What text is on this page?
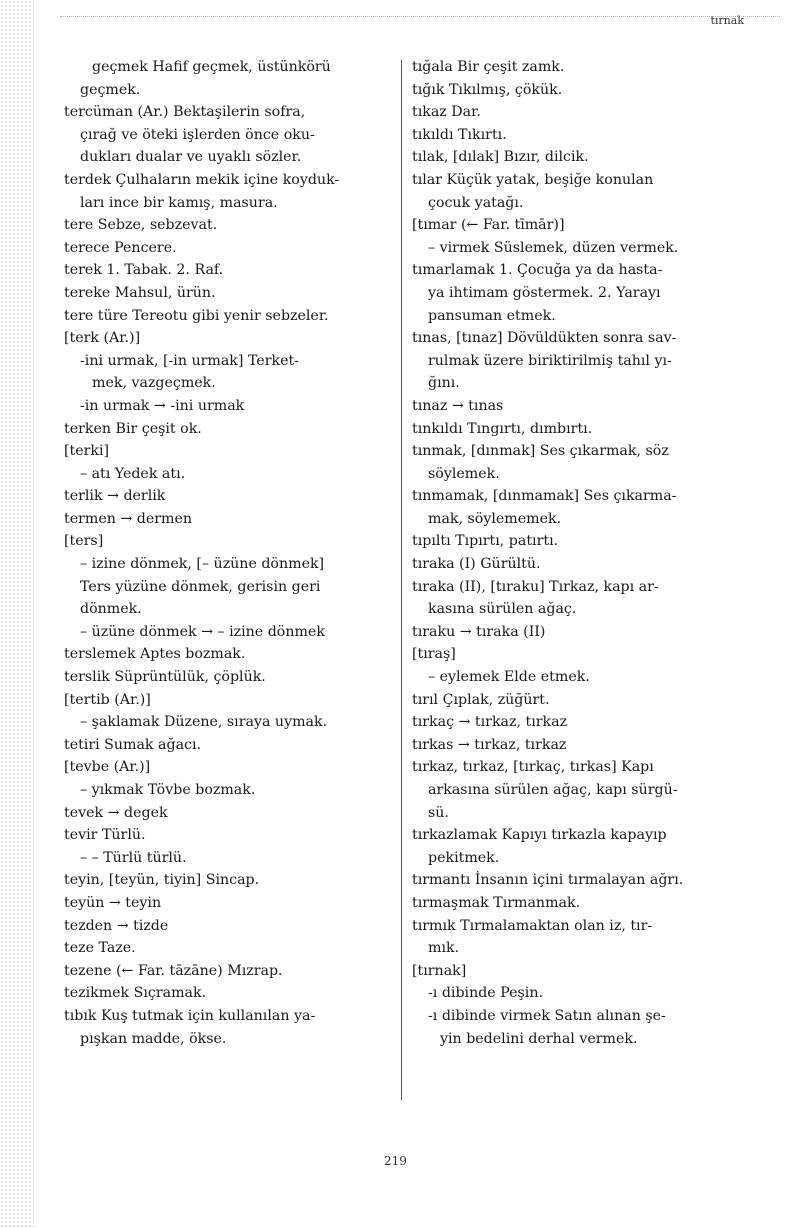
tırnak

geçmek Hafif geçmek, üstünkörü

geçmek.

tercüman (Ar.) Bektaşilerin sofra,

çırağ ve öteki işlerden önce oku-

dukları dualar ve uyaklı sözler.

terdek Çulhaların mekik içine koyduk-

ları ince bir kamış, masura.

tere Sebze, sebzevat.

terece Pencere.

terek 1. Tabak. 2. Raf.

tereke Mahsul, ürün.

tere türe Tereotu gibi yenir sebzeler.

[terk (Ar.)]

-ini urmak, [-in urmak] Terket-

mek, vazgeçmek.

-in urmak → -ini urmak

terken Bir çeşit ok.

[terki]

– atı Yedek atı.

terlik → derlik

termen → dermen

[ters]

– izine dönmek, [– üzüne dönmek]

Ters yüzüne dönmek, gerisin geri

dönmek.

– üzüne dönmek → – izine dönmek

terslemek Aptes bozmak.

terslik Süprüntülük, çöplük.

[tertib (Ar.)]

– şaklamak Düzene, sıraya uymak.

tetiri Sumak ağacı.

[tevbe (Ar.)]

– yıkmak Tövbe bozmak.

tevek → degek

tevir Türlü.

– – Türlü türlü.

teyin, [teyün, tiyin] Sincap.

teyün → teyin

tezden → tizde

teze Taze.

tezene (← Far. tāzāne) Mızrap.

tezikmek Sıçramak.

tıbık Kuş tutmak için kullanılan ya-

pışkan madde, ökse.

tığala Bir çeşit zamk.

tığık Tıkılmış, çökük.

tıkaz Dar.

tıkıldı Tıkırtı.

tılak, [dılak] Bızır, dilcik.

tılar Küçük yatak, beşiğe konulan

çocuk yatağı.

[tımar (← Far. tīmār)]

– virmek Süslemek, düzen vermek.

tımarlamak 1. Çocuğa ya da hasta-

ya ihtimam göstermek. 2. Yarayı

pansuman etmek.

tınas, [tınaz] Dövüldükten sonra sav-

rulmak üzere biriktirilmiş tahıl yı-

ğını.

tınaz → tınas

tınkıldı Tıngırtı, dımbırtı.

tınmak, [dınmak] Ses çıkarmak, söz

söylemek.

tınmamak, [dınmamak] Ses çıkarma-

mak, söylememek.

tıpıltı Tıpırtı, patırtı.

tıraka (I) Gürültü.

tıraka (II), [tıraku] Tırkaz, kapı ar-

kasına sürülen ağaç.

tıraku → tıraka (II)

[tıraş]

– eylemek Elde etmek.

tırıl Çıplak, züğürt.

tırkaç → tırkaz, tırkaz

tırkas → tırkaz, tırkaz

tırkaz, tırkaz, [tırkaç, tırkas] Kapı

arkasına sürülen ağaç, kapı sürgü-

sü.

tırkazlamak Kapıyı tırkazla kapayıp

pekitmek.

tırmantı İnsanın içini tırmalayan ağrı.

tırmaşmak Tırmanmak.

tırmık Tırmalamaktan olan iz, tır-

mık.

[tırnak]

-ı dibinde Peşin.

-ı dibinde virmek Satın alınan şe-

yin bedelini derhal vermek.

219
